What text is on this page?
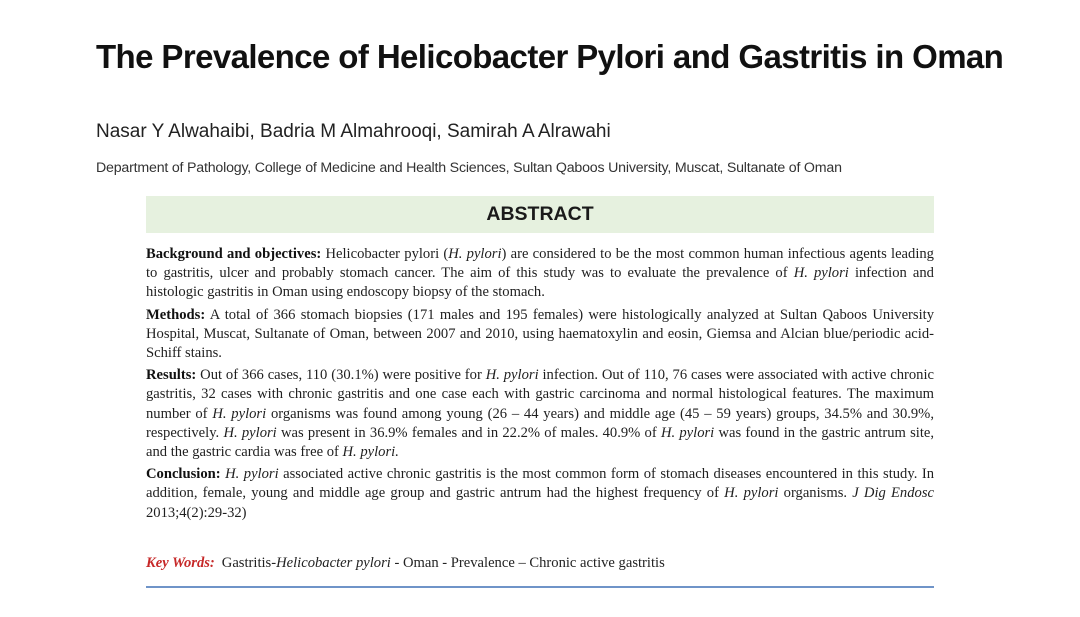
The Prevalence of Helicobacter Pylori and Gastritis in Oman
Nasar Y Alwahaibi, Badria M Almahrooqi, Samirah A Alrawahi
Department of Pathology, College of Medicine and Health Sciences, Sultan Qaboos University, Muscat, Sultanate of Oman
ABSTRACT

Background and objectives: Helicobacter pylori (H. pylori) are considered to be the most common human infectious agents leading to gastritis, ulcer and probably stomach cancer. The aim of this study was to evaluate the prevalence of H. pylori infection and histologic gastritis in Oman using endoscopy biopsy of the stomach.

Methods: A total of 366 stomach biopsies (171 males and 195 females) were histologically analyzed at Sultan Qaboos University Hospital, Muscat, Sultanate of Oman, between 2007 and 2010, using haematoxylin and eosin, Giemsa and Alcian blue/periodic acid-Schiff stains.

Results: Out of 366 cases, 110 (30.1%) were positive for H. pylori infection. Out of 110, 76 cases were associated with active chronic gastritis, 32 cases with chronic gastritis and one case each with gastric carcinoma and normal histological features. The maximum number of H. pylori organisms was found among young (26 – 44 years) and middle age (45 – 59 years) groups, 34.5% and 30.9%, respectively. H. pylori was present in 36.9% females and in 22.2% of males. 40.9% of H. pylori was found in the gastric antrum site, and the gastric cardia was free of H. pylori.

Conclusion: H. pylori associated active chronic gastritis is the most common form of stomach diseases encountered in this study. In addition, female, young and middle age group and gastric antrum had the highest frequency of H. pylori organisms. J Dig Endosc 2013;4(2):29-32)

Key Words: Gastritis-Helicobacter pylori - Oman - Prevalence – Chronic active gastritis
